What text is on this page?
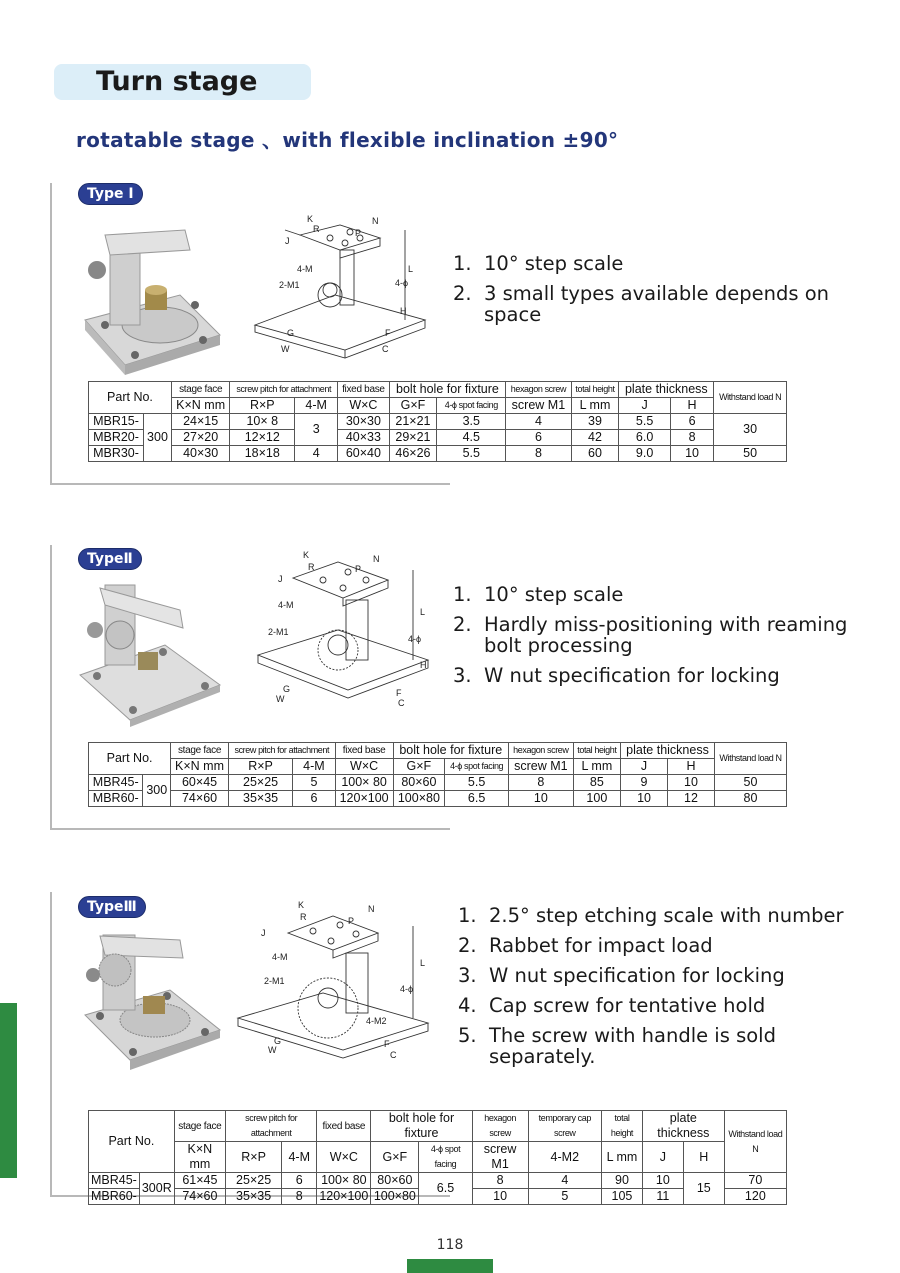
Turn stage
rotatable stage 、with flexible inclination ±90°
Type Ⅰ
K	N
R	P
J
L
4-M
2-M1	4-ϕ
H
G
W
F
C
1. 10° step scale
2. 3 small types available depends on space
Part No.		stage face	screw pitch for attachment		fixed base	bolt hole for fixture		hexagon screw	total height	plate thickness		Withstand load N
		K×N mm	R×P	4-M	W×C	G×F	4-ϕ spot facing	screw M1	L mm	J	H	
MBR15-	300	24×15	10× 8	3	30×30	21×21	3.5	4	39	5.5	6	30
MBR20-		27×20	12×12		40×33	29×21	4.5	6	42	6.0	8	
MBR30-		40×30	18×18	4	60×40	46×26	5.5	8	60	9.0	10	50
TypeⅡ	K	N
R	P
J
L
4-M
2-M1
4-ϕ
H
G
W
F
C
1. 10° step scale
2. Hardly miss-positioning with reaming bolt processing
3. W nut specification for locking
Part No.		stage face	screw pitch for attachment		fixed base	bolt hole for fixture		hexagon screw	total height	plate thickness		Withstand load N
		K×N mm	R×P	4-M	W×C	G×F	4-ϕ spot facing	screw M1	L mm	J	H	
MBR45-	300	60×45	25×25	5	100× 80	80×60	5.5	8	85	9	10	50
MBR60-		74×60	35×35	6	120×100	100×80	6.5	10	100	10	12	80
TypeⅢ	K	N
R	P
J
L
4-M
2-M1
4-ϕ
4-M2
G
W
F
C
1. 2.5° step etching scale with number
2. Rabbet for impact load
3. W nut specification for locking
4. Cap screw for tentative hold
5. The screw with handle is sold separately.
Part No.		stage face	screw pitch for attachment		fixed base	bolt hole for fixture		hexagon screw	temporary cap screw	total height	plate thickness		Withstand load N
		K×N mm	R×P	4-M	W×C	G×F	4-ϕ spot facing	screw M1	4-M2	L mm	J	H	
MBR45-	300R	61×45	25×25	6	100× 80	80×60	6.5	8	4	90	10	15	70
MBR60-		74×60	35×35	8	120×100	100×80		10	5	105	11		120
118
